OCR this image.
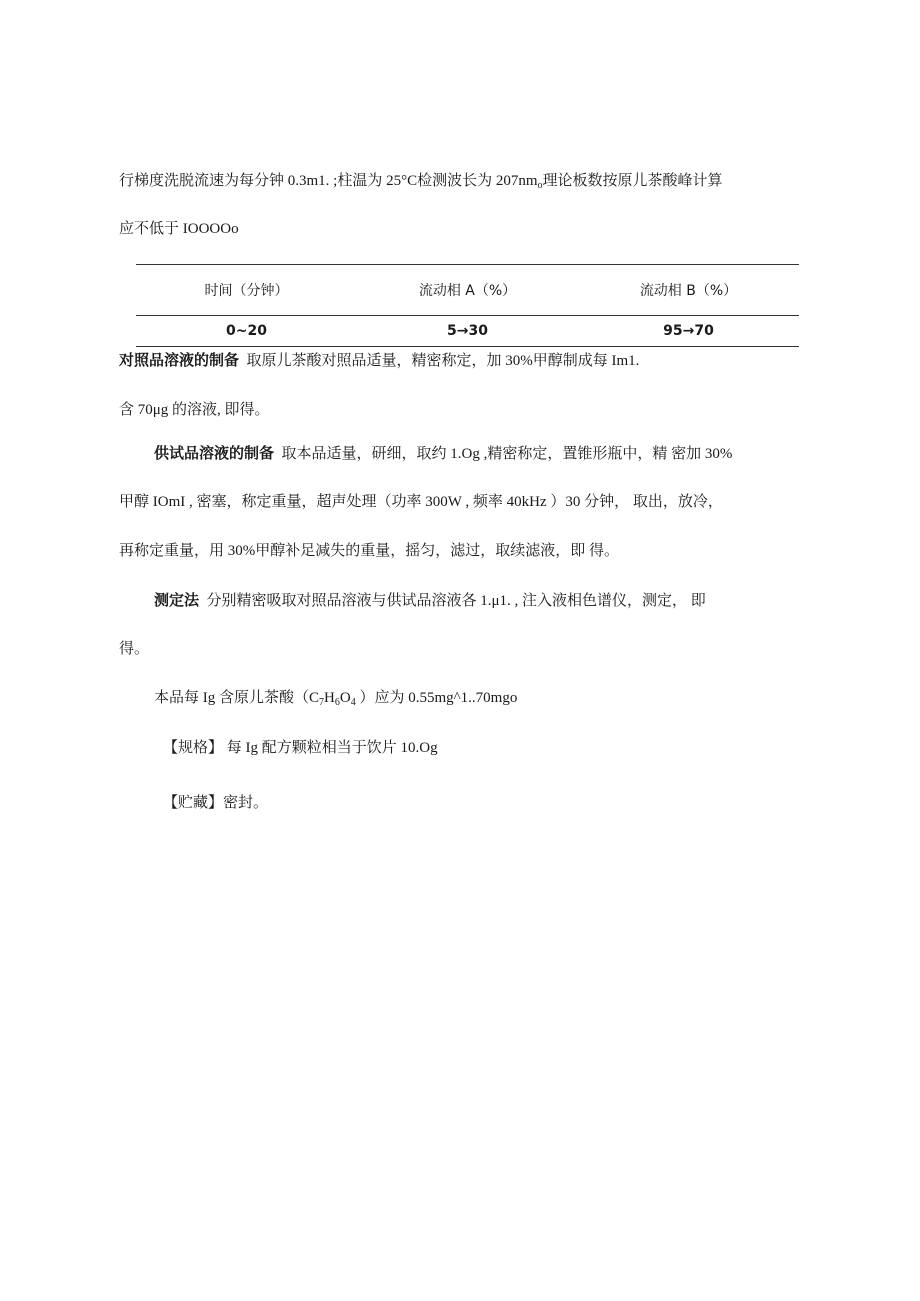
行梯度洗脱流速为每分钟 0.3m1. ;柱温为 25°C检测波长为 $207nm_o$理论板数按原儿茶酸峰计算
应不低于 IOOOOo
时间（分钟）	流动相 A（%）	流动相 B（%）
0~20	5→30	95→70
对照品溶液的制备 取原儿茶酸对照品适量，精密称定，加 30%甲醇制成每 Im1.
含 70μg 的溶液, 即得。
供试品溶液的制备 取本品适量，研细，取约 1.Og ,精密称定，置锥形瓶中，精 密加 30%
甲醇 IOmI , 密塞，称定重量，超声处理（功率 300W , 频率 40kHz ）30 分钟， 取出，放冷，
再称定重量，用 30%甲醇补足减失的重量，摇匀，滤过，取续滤液，即 得。
测定法 分别精密吸取对照品溶液与供试品溶液各 1.μ1. , 注入液相色谱仪，测定， 即
得。
本品每 Ig 含原儿茶酸（$C_7H_6O_4$ ）应为 0.55mg^1..70mgo
【规格】 每 Ig 配方颗粒相当于饮片 10.Og
【贮藏】密封。
